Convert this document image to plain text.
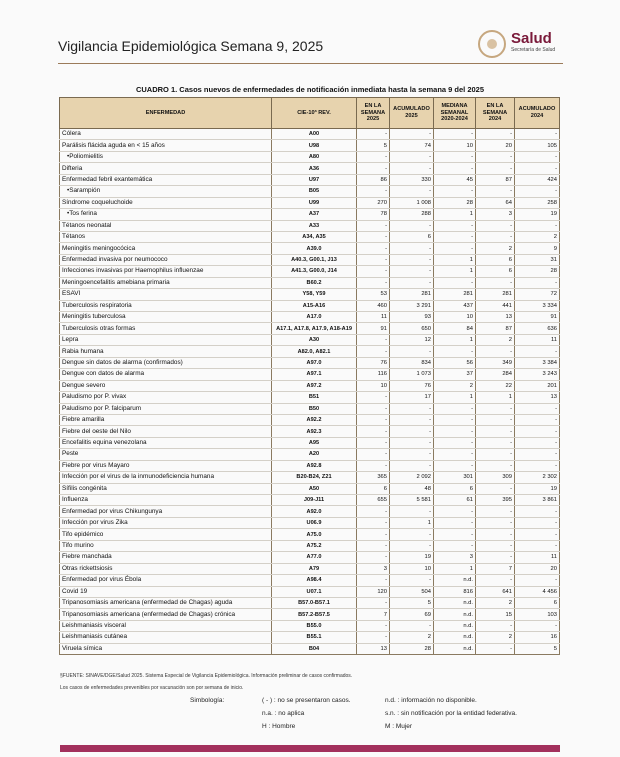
Vigilancia Epidemiológica Semana 9, 2025	Salud
Secretaría de Salud
CUADRO 1. Casos nuevos de enfermedades de notificación inmediata hasta la semana 9 del 2025
ENFERMEDAD	CIE-10ª REV.	EN LA SEMANA 2025	ACUMULADO 2025	MEDIANA SEMANAL 2020-2024	EN LA SEMANA 2024	ACUMULADO 2024
Cólera	A00	-	-	-	-	-
Parálisis flácida aguda en < 15 años	U98	5	74	10	20	105
•Poliomielitis	A80	-	-	-	-	-
Difteria	A36	-	-	-	-	-
Enfermedad febril exantemática	U97	86	330	45	87	424
•Sarampión	B05	-	-	-	-	-
Síndrome coqueluchoide	U99	270	1 008	28	64	258
•Tos ferina	A37	78	288	1	3	19
Tétanos neonatal	A33	-	-	-	-	-
Tétanos	A34, A35	-	6	-	-	2
Meningitis meningocócica	A39.0	-	-	-	2	9
Enfermedad invasiva por neumococo	A40.3, G00.1, J13	-	-	1	6	31
Infecciones invasivas por Haemophilus influenzae	A41.3, G00.0, J14	-	-	1	6	28
Meningoencefalitis amebiana primaria	B60.2	-	-	-	-	-
ESAVI	Y58, Y59	53	281	281	281	72
Tuberculosis respiratoria	A15-A16	460	3 291	437	441	3 334
Meningitis tuberculosa	A17.0	11	93	10	13	91
Tuberculosis otras formas	A17.1, A17.8, A17.9, A18-A19	91	650	84	87	636
Lepra	A30	-	12	1	2	11
Rabia humana	A82.0, A82.1	-	-	-	-	-
Dengue sin datos de alarma (confirmados)	A97.0	76	834	56	349	3 384
Dengue con datos de alarma	A97.1	116	1 073	37	284	3 243
Dengue severo	A97.2	10	76	2	22	201
Paludismo por P. vivax	B51	-	17	1	1	13
Paludismo por P. falciparum	B50	-	-	-	-	-
Fiebre amarilla	A92.2	-	-	-	-	-
Fiebre del oeste del Nilo	A92.3	-	-	-	-	-
Encefalitis equina venezolana	A95	-	-	-	-	-
Peste	A20	-	-	-	-	-
Fiebre por virus Mayaro	A92.8	-	-	-	-	-
Infección por el virus de la inmunodeficiencia humana	B20-B24, Z21	365	2 092	301	309	2 302
Sífilis congénita	A50	6	48	6	-	19
Influenza	J09-J11	655	5 581	61	395	3 861
Enfermedad por virus Chikungunya	A92.0	-	-	-	-	-
Infección por virus Zika	U06.9	-	1	-	-	-
Tifo epidémico	A75.0	-	-	-	-	-
Tifo murino	A75.2	-	-	-	-	-
Fiebre manchada	A77.0	-	19	3	-	11
Otras rickettsiosis	A79	3	10	1	7	20
Enfermedad por virus Ébola	A98.4	-	-	n.d.	-	-
Covid 19	U07.1	120	504	816	641	4 456
Tripanosomiasis americana (enfermedad de Chagas) aguda	B57.0-B57.1	-	5	n.d.	2	6
Tripanosomiasis americana (enfermedad de Chagas) crónica	B57.2-B57.5	7	69	n.d.	15	103
Leishmaniasis visceral	B55.0	-	-	n.d.	-	-
Leishmaniasis cutánea	B55.1	-	2	n.d.	2	16
Viruela símica	B04	13	28	n.d.	-	5
§FUENTE: SINAVE/DGE/Salud 2025. Sistema Especial de Vigilancia Epidemiológica. Información preliminar de casos confirmados.
Los casos de enfermedades prevenibles por vacunación son por semana de inicio.
Simbología:	( - ) : no se presentaron casos.	n.d. : información no disponible.
n.a. : no aplica	s.n. : sin notificación por la entidad federativa.
H : Hombre	M : Mujer
